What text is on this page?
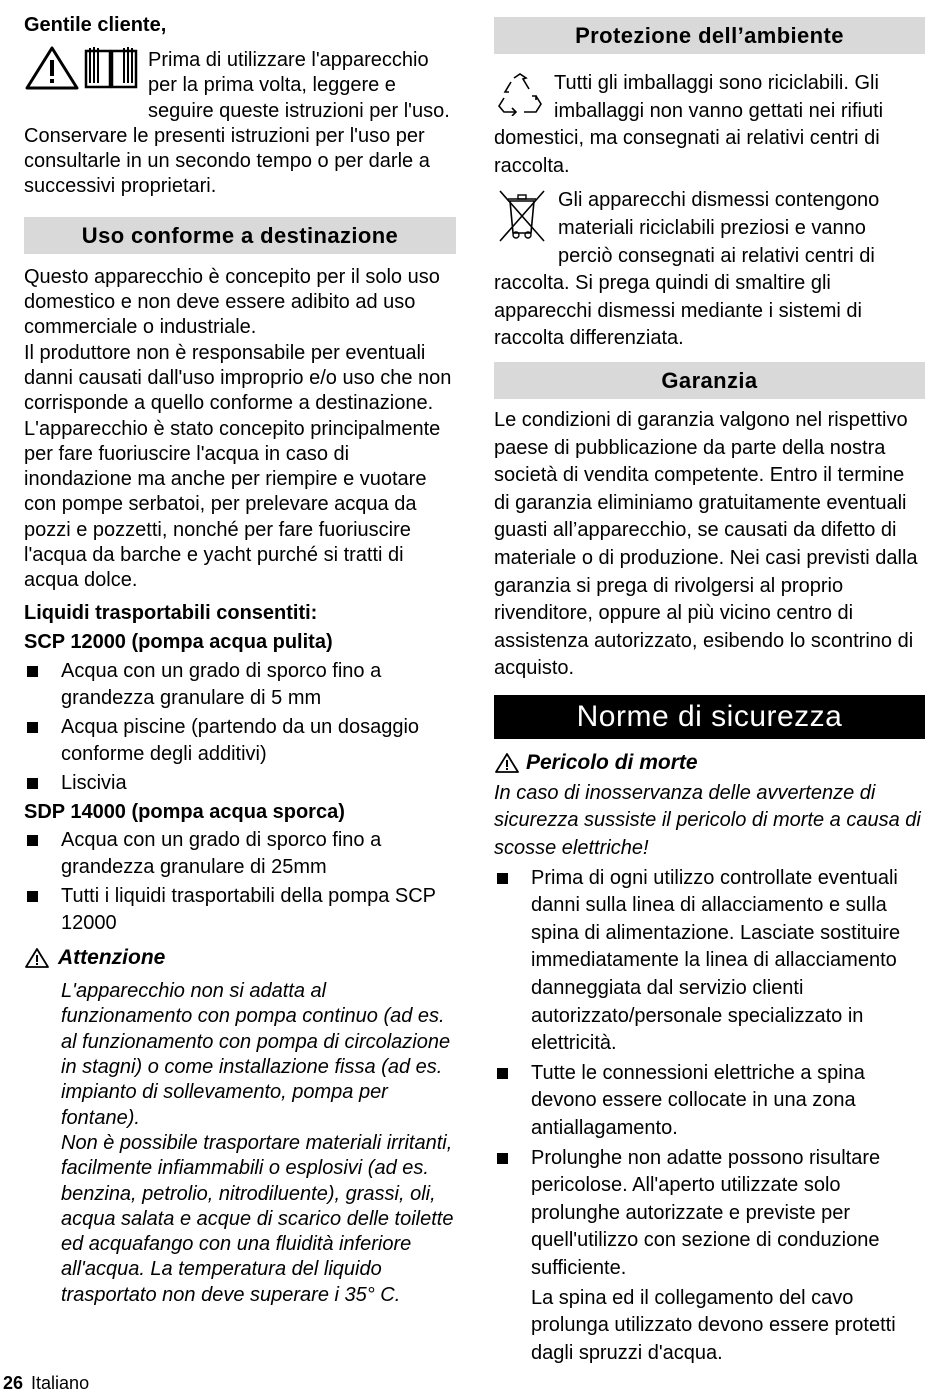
Gentile cliente,

Prima di utilizzare l'apparecchio per la prima volta, leggere e seguire queste istruzioni per l'uso. Conservare le presenti istruzioni per l'uso per consultarle in un secondo tempo o per darle a successivi proprietari.

Uso conforme a destinazione

Questo apparecchio è concepito per il solo uso domestico e non deve essere adibito ad uso commerciale o industriale.

Il produttore non è responsabile per eventuali danni causati dall'uso improprio e/o uso che non corrisponde a quello conforme a destinazione.

L'apparecchio è stato concepito principalmente per fare fuoriuscire l'acqua in caso di inondazione ma anche per riempire e vuotare con pompe serbatoi, per prelevare acqua da pozzi e pozzetti, nonché per fare fuoriuscire l'acqua da barche e yacht purché si tratti di acqua dolce.

Liquidi trasportabili consentiti:

SCP 12000 (pompa acqua pulita)

Acqua con un grado di sporco fino a grandezza granulare di 5 mm
Acqua piscine (partendo da un dosaggio conforme degli additivi)
Liscivia

SDP 14000 (pompa acqua sporca)

Acqua con un grado di sporco fino a grandezza granulare di 25mm
Tutti i liquidi trasportabili della pompa SCP 12000
Attenzione

L'apparecchio non si adatta al funzionamento con pompa continuo (ad es. al funzionamento con pompa di circolazione in stagni) o come installazione fissa (ad es. impianto di sollevamento, pompa per fontane).

Non è possibile trasportare materiali irritanti, facilmente infiammabili o esplosivi (ad es. benzina, petrolio, nitrodiluente), grassi, oli, acqua salata e acque di scarico delle toilette ed acquafango con una fluidità inferiore all'acqua. La temperatura del liquido trasportato non deve superare i 35° C.

Protezione dell’ambiente

Tutti gli imballaggi sono riciclabili. Gli imballaggi non vanno gettati nei rifiuti domestici, ma consegnati ai relativi centri di raccolta.

Gli apparecchi dismessi contengono materiali riciclabili preziosi e vanno perciò consegnati ai relativi centri di raccolta. Si prega quindi di smaltire gli apparecchi dismessi mediante i sistemi di raccolta differenziata.

Garanzia

Le condizioni di garanzia valgono nel rispettivo paese di pubblicazione da parte della nostra società di vendita competente. Entro il termine di garanzia eliminiamo gratuitamente eventuali guasti all’apparecchio, se causati da difetto di materiale o di produzione. Nei casi previsti dalla garanzia si prega di rivolgersi al proprio rivenditore, oppure al più vicino centro di assistenza autorizzato, esibendo lo scontrino di acquisto.

Norme di sicurezza
Pericolo di morte

In caso di inosservanza delle avvertenze di sicurezza sussiste il pericolo di morte a causa di scosse elettriche!

Prima di ogni utilizzo controllate eventuali danni sulla linea di allacciamento e sulla spina di alimentazione. Lasciate sostituire immediatamente la linea di allacciamento danneggiata dal servizio clienti autorizzato/personale specializzato in elettricità.
Tutte le connessioni elettriche a spina devono essere collocate in una zona antiallagamento.
Prolunghe non adatte possono risultare pericolose. All'aperto utilizzate solo prolunghe autorizzate e previste per quell'utilizzo con sezione di conduzione sufficiente.

La spina ed il collegamento del cavo prolunga utilizzato devono essere protetti dagli spruzzi d'acqua.

26 Italiano
